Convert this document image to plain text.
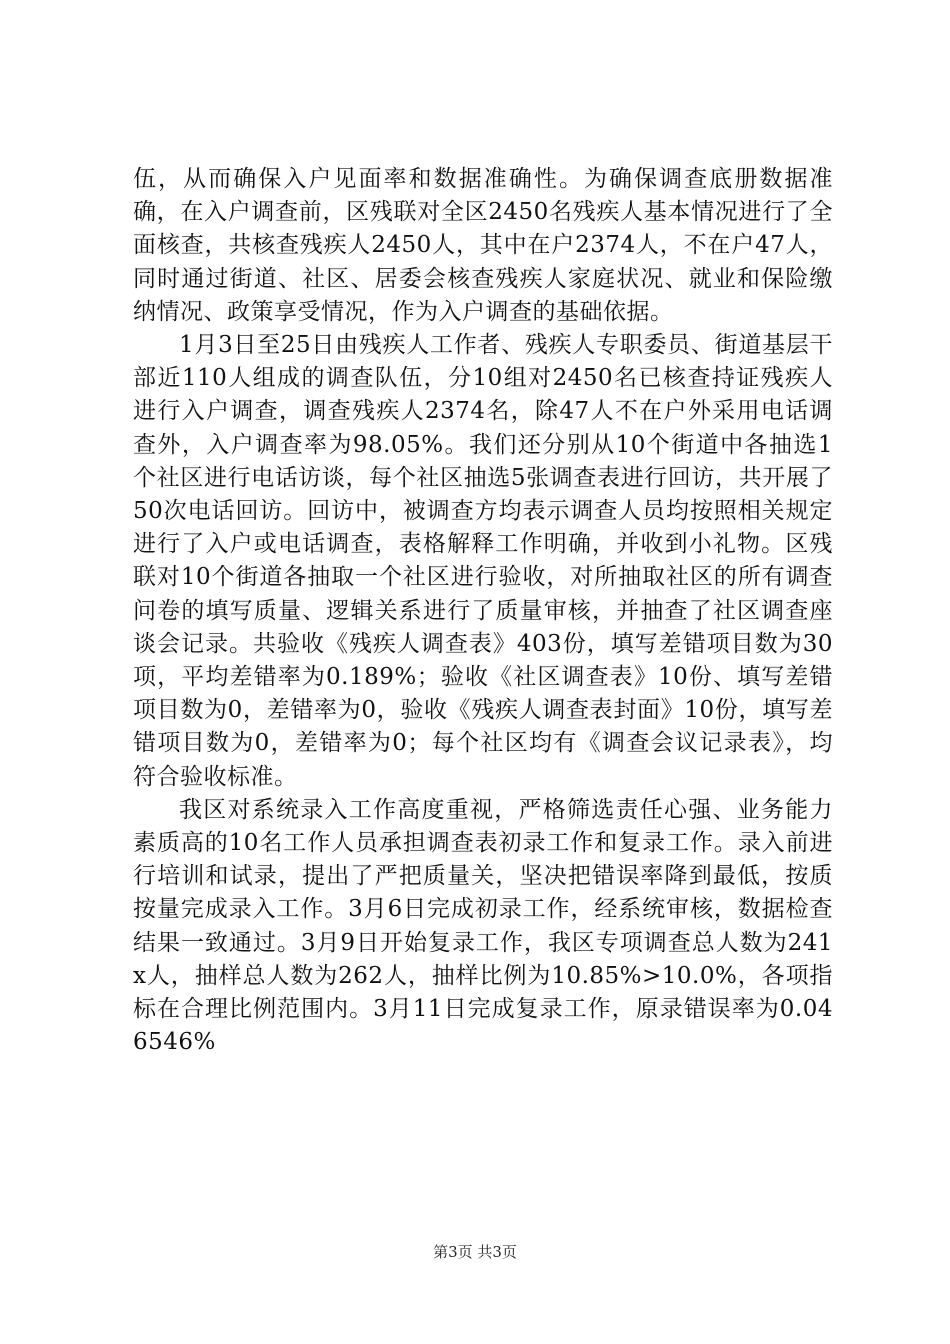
伍，从而确保入户见面率和数据准确性。为确保调查底册数据准确，在入户调查前，区残联对全区2450名残疾人基本情况进行了全面核查，共核查残疾人2450人，其中在户2374人，不在户47人，同时通过街道、社区、居委会核查残疾人家庭状况、就业和保险缴纳情况、政策享受情况，作为入户调查的基础依据。

1月3日至25日由残疾人工作者、残疾人专职委员、街道基层干部近110人组成的调查队伍，分10组对2450名已核查持证残疾人进行入户调查，调查残疾人2374名，除47人不在户外采用电话调查外，入户调查率为98.05%。我们还分别从10个街道中各抽选1个社区进行电话访谈，每个社区抽选5张调查表进行回访，共开展了50次电话回访。回访中，被调查方均表示调查人员均按照相关规定进行了入户或电话调查，表格解释工作明确，并收到小礼物。区残联对10个街道各抽取一个社区进行验收，对所抽取社区的所有调查问卷的填写质量、逻辑关系进行了质量审核，并抽查了社区调查座谈会记录。共验收《残疾人调查表》403份，填写差错项目数为30项，平均差错率为0.189%；验收《社区调查表》10份、填写差错项目数为0，差错率为0，验收《残疾人调查表封面》10份，填写差错项目数为0，差错率为0；每个社区均有《调查会议记录表》，均符合验收标准。

我区对系统录入工作高度重视，严格筛选责任心强、业务能力素质高的10名工作人员承担调查表初录工作和复录工作。录入前进行培训和试录，提出了严把质量关，坚决把错误率降到最低，按质按量完成录入工作。3月6日完成初录工作，经系统审核，数据检查结果一致通过。3月9日开始复录工作，我区专项调查总人数为241x人，抽样总人数为262人，抽样比例为10.85%>10.0%，各项指标在合理比例范围内。3月11日完成复录工作，原录错误率为0.046546%

第3页 共3页
